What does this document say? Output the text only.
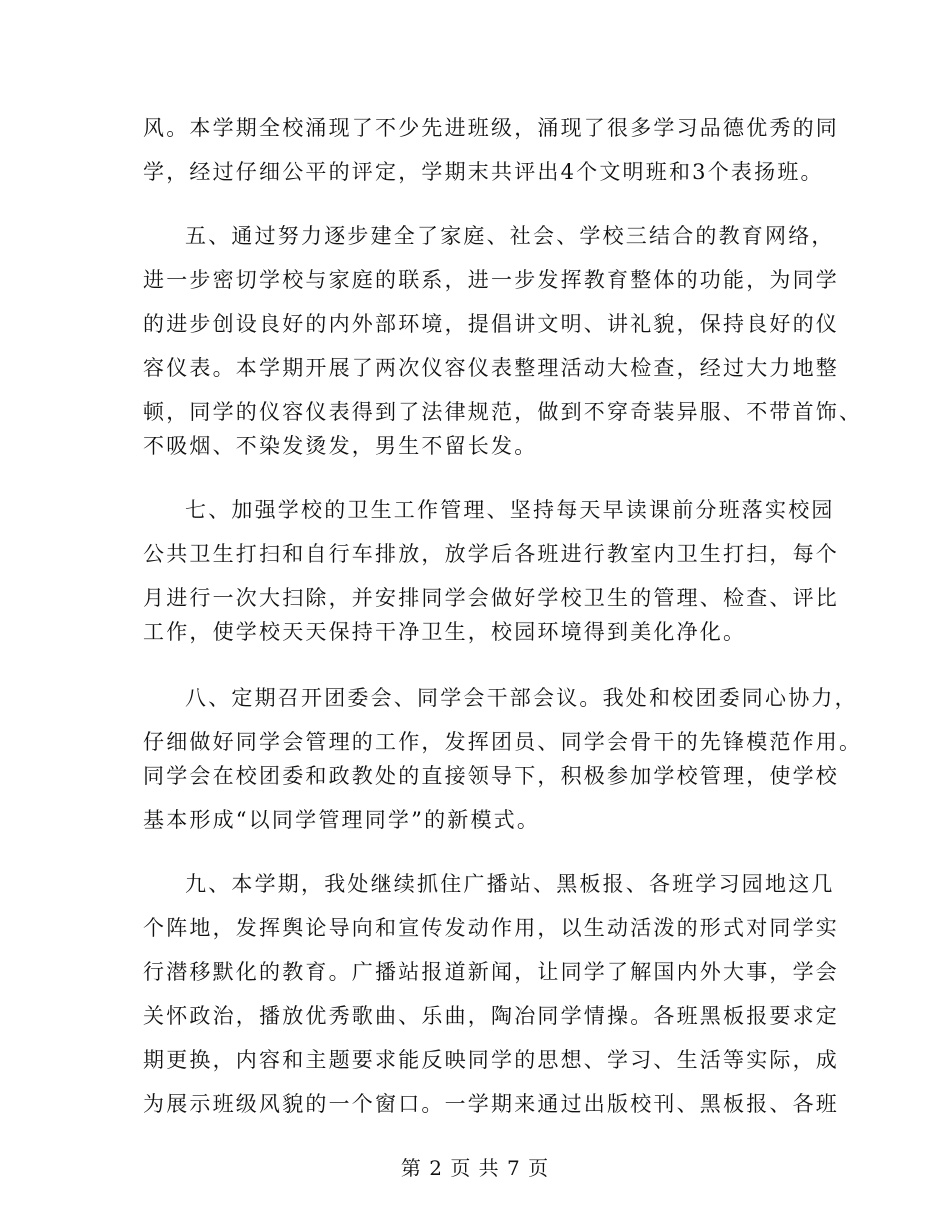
风。本学期全校涌现了不少先进班级，涌现了很多学习品德优秀的同
学，经过仔细公平的评定，学期末共评出4个文明班和3个表扬班。
五、通过努力逐步建全了家庭、社会、学校三结合的教育网络，
进一步密切学校与家庭的联系，进一步发挥教育整体的功能，为同学
的进步创设良好的内外部环境，提倡讲文明、讲礼貌，保持良好的仪
容仪表。本学期开展了两次仪容仪表整理活动大检查，经过大力地整
顿，同学的仪容仪表得到了法律规范，做到不穿奇装异服、不带首饰、
不吸烟、不染发烫发，男生不留长发。
七、加强学校的卫生工作管理、坚持每天早读课前分班落实校园
公共卫生打扫和自行车排放，放学后各班进行教室内卫生打扫，每个
月进行一次大扫除，并安排同学会做好学校卫生的管理、检查、评比
工作，使学校天天保持干净卫生，校园环境得到美化净化。
八、定期召开团委会、同学会干部会议。我处和校团委同心协力，
仔细做好同学会管理的工作，发挥团员、同学会骨干的先锋模范作用。
同学会在校团委和政教处的直接领导下，积极参加学校管理，使学校
基本形成“以同学管理同学”的新模式。
九、本学期，我处继续抓住广播站、黑板报、各班学习园地这几
个阵地，发挥舆论导向和宣传发动作用，以生动活泼的形式对同学实
行潜移默化的教育。广播站报道新闻，让同学了解国内外大事，学会
关怀政治，播放优秀歌曲、乐曲，陶冶同学情操。各班黑板报要求定
期更换，内容和主题要求能反映同学的思想、学习、生活等实际，成
为展示班级风貌的一个窗口。一学期来通过出版校刊、黑板报、各班
第 2 页 共 7 页
